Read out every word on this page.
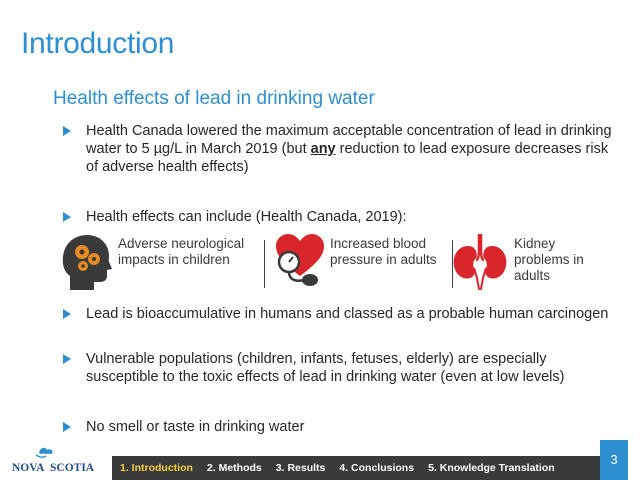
Introduction
Health effects of lead in drinking water
Health Canada lowered the maximum acceptable concentration of lead in drinking water to 5 µg/L in March 2019 (but any reduction to lead exposure decreases risk of adverse health effects)
Health effects can include (Health Canada, 2019):
Adverse neurological impacts in children
Increased blood pressure in adults
Kidney problems in adults
Lead is bioaccumulative in humans and classed as a probable human carcinogen
Vulnerable populations (children, infants, fetuses, elderly) are especially susceptible to the toxic effects of lead in drinking water (even at low levels)
No smell or taste in drinking water
NOVA SCOTIA 1. Introduction 2. Methods 3. Results 4. Conclusions 5. Knowledge Translation
3
